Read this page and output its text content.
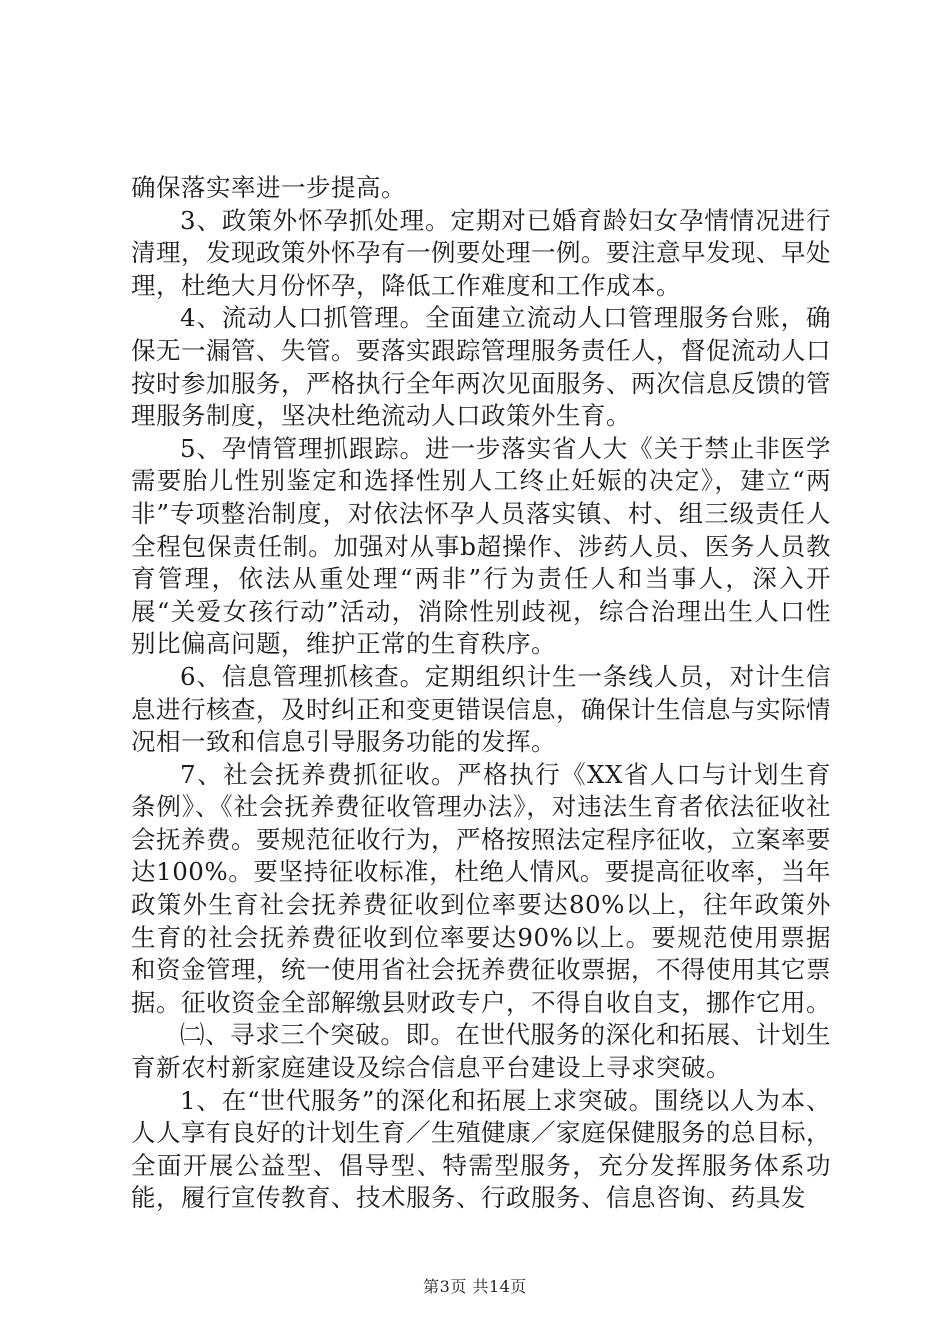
确保落实率进一步提高。

3、政策外怀孕抓处理。定期对已婚育龄妇女孕情情况进行清理，发现政策外怀孕有一例要处理一例。要注意早发现、早处理，杜绝大月份怀孕，降低工作难度和工作成本。

4、流动人口抓管理。全面建立流动人口管理服务台账，确保无一漏管、失管。要落实跟踪管理服务责任人，督促流动人口按时参加服务，严格执行全年两次见面服务、两次信息反馈的管理服务制度，坚决杜绝流动人口政策外生育。

5、孕情管理抓跟踪。进一步落实省人大《关于禁止非医学需要胎儿性别鉴定和选择性别人工终止妊娠的决定》，建立“两非”专项整治制度，对依法怀孕人员落实镇、村、组三级责任人全程包保责任制。加强对从事b超操作、涉药人员、医务人员教育管理，依法从重处理“两非”行为责任人和当事人，深入开展“关爱女孩行动”活动，消除性别歧视，综合治理出生人口性别比偏高问题，维护正常的生育秩序。

6、信息管理抓核查。定期组织计生一条线人员，对计生信息进行核查，及时纠正和变更错误信息，确保计生信息与实际情况相一致和信息引导服务功能的发挥。

7、社会抚养费抓征收。严格执行《XX省人口与计划生育条例》、《社会抚养费征收管理办法》，对违法生育者依法征收社会抚养费。要规范征收行为，严格按照法定程序征收，立案率要达100%。要坚持征收标准，杜绝人情风。要提高征收率，当年政策外生育社会抚养费征收到位率要达80%以上，往年政策外生育的社会抚养费征收到位率要达90%以上。要规范使用票据和资金管理，统一使用省社会抚养费征收票据，不得使用其它票据。征收资金全部解缴县财政专户，不得自收自支，挪作它用。

㈡、寻求三个突破。即。在世代服务的深化和拓展、计划生育新农村新家庭建设及综合信息平台建设上寻求突破。

1、在“世代服务”的深化和拓展上求突破。围绕以人为本、人人享有良好的计划生育／生殖健康／家庭保健服务的总目标，全面开展公益型、倡导型、特需型服务，充分发挥服务体系功能，履行宣传教育、技术服务、行政服务、信息咨询、药具发

第3页 共14页
